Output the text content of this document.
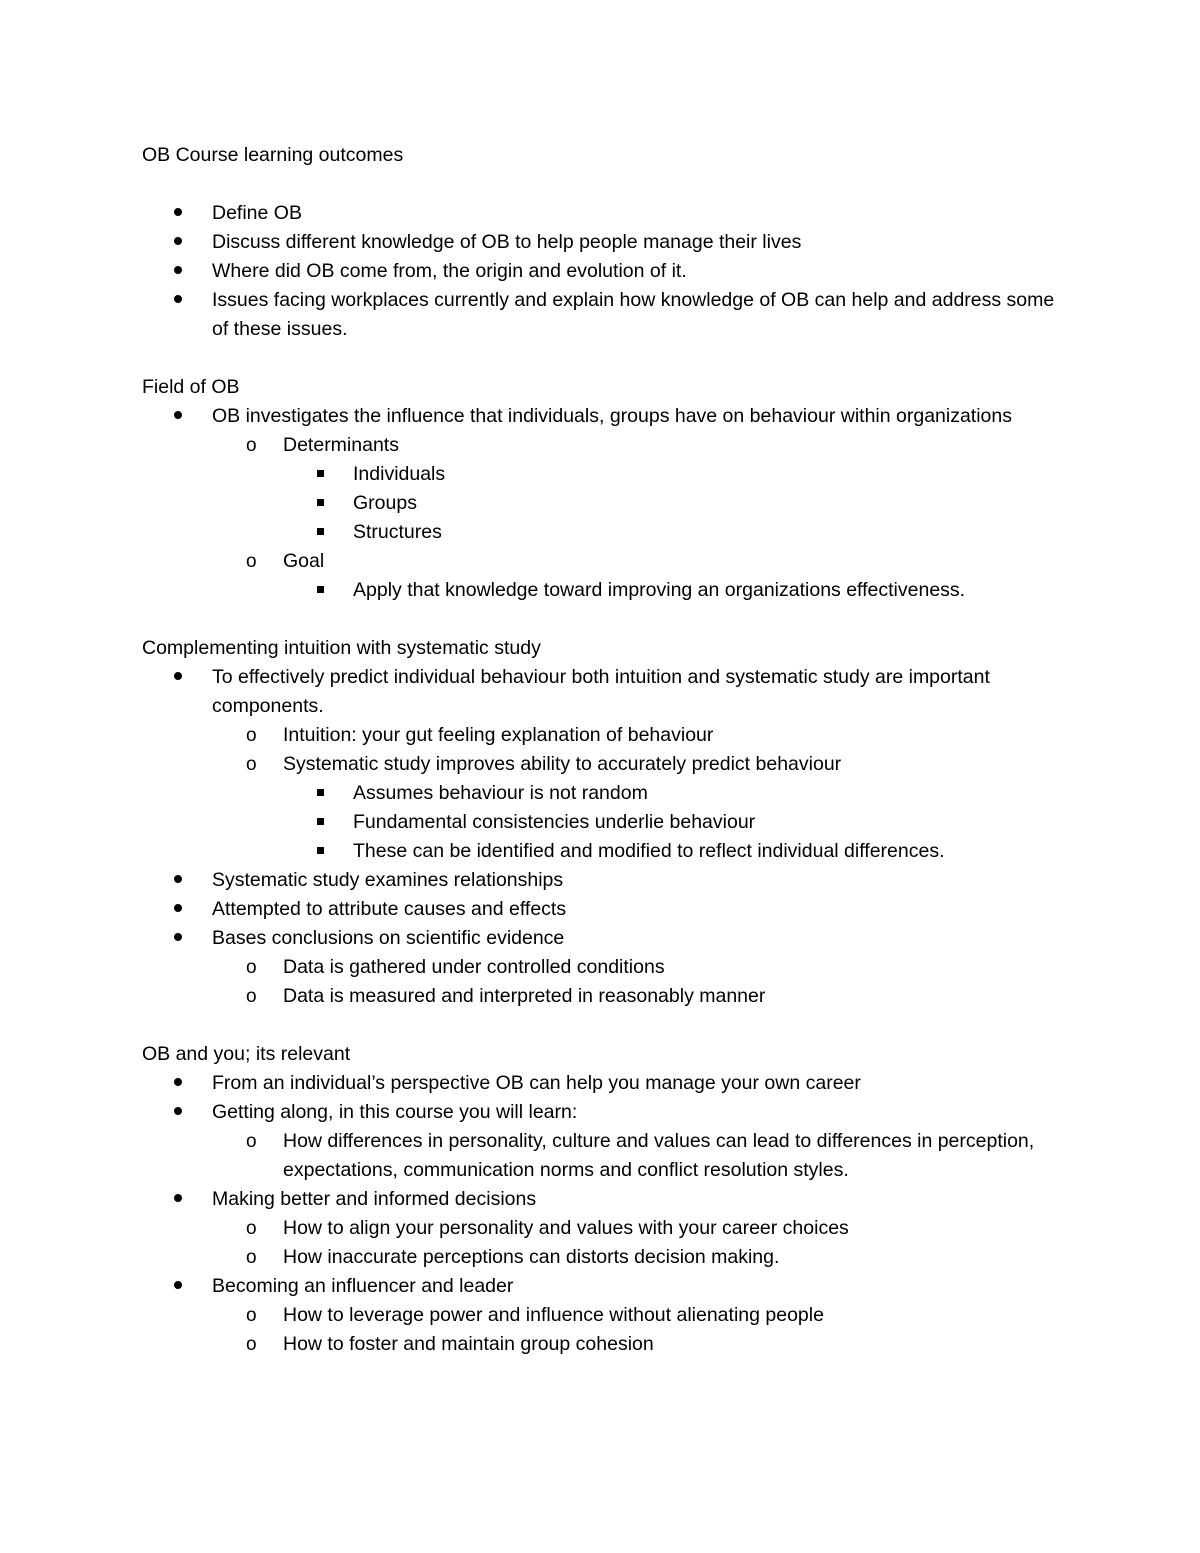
OB Course learning outcomes

Define OB

Discuss different knowledge of OB to help people manage their lives

Where did OB come from, the origin and evolution of it.

Issues facing workplaces currently and explain how knowledge of OB can help and address some of these issues.

Field of OB

OB investigates the influence that individuals, groups have on behaviour within organizations

o Determinants

Individuals

Groups

Structures

o Goal

Apply that knowledge toward improving an organizations effectiveness.

Complementing intuition with systematic study

To effectively predict individual behaviour both intuition and systematic study are important components.

o Intuition: your gut feeling explanation of behaviour

o Systematic study improves ability to accurately predict behaviour

Assumes behaviour is not random

Fundamental consistencies underlie behaviour

These can be identified and modified to reflect individual differences.

Systematic study examines relationships

Attempted to attribute causes and effects

Bases conclusions on scientific evidence

o Data is gathered under controlled conditions

o Data is measured and interpreted in reasonably manner

OB and you; its relevant

From an individual’s perspective OB can help you manage your own career

Getting along, in this course you will learn:

o How differences in personality, culture and values can lead to differences in perception, expectations, communication norms and conflict resolution styles.

Making better and informed decisions

o How to align your personality and values with your career choices

o How inaccurate perceptions can distorts decision making.

Becoming an influencer and leader

o How to leverage power and influence without alienating people

o How to foster and maintain group cohesion
